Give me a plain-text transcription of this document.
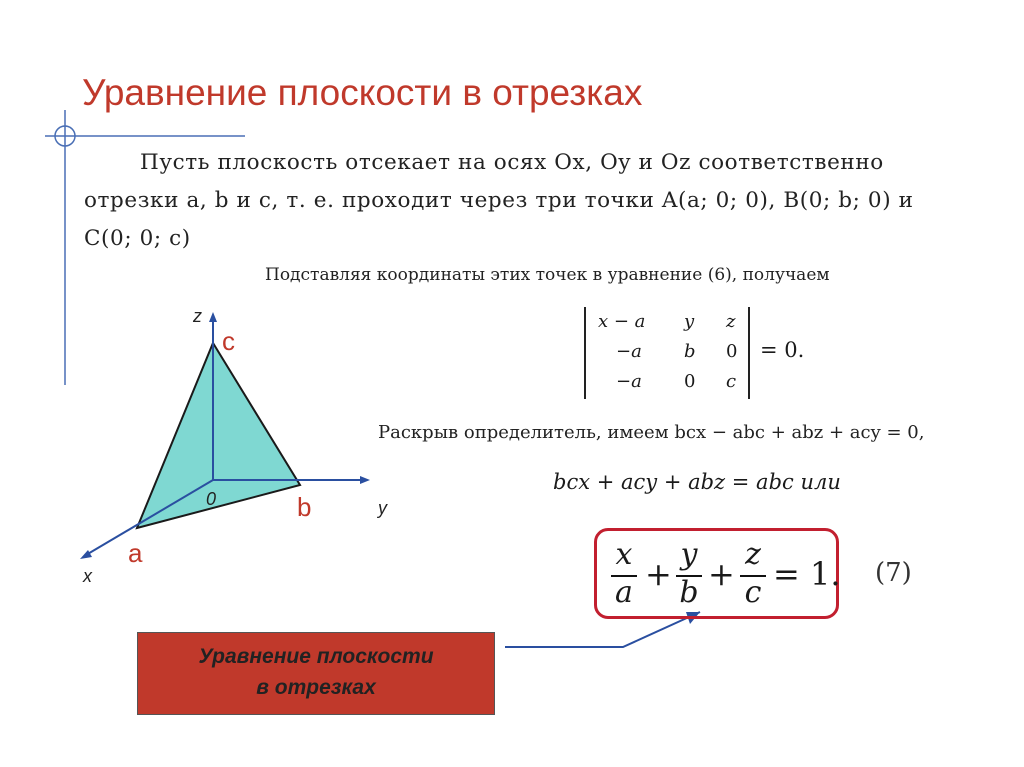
Уравнение плоскости в отрезках
Пусть плоскость отсекает на осях Ox, Oy и Oz соответственно
отрезки a, b и c, т. е. проходит через три точки A(a; 0; 0), B(0; b; 0) и
C(0; 0; c)
Подставляя координаты этих точек в уравнение (6), получаем
x − a y z
−a b 0
−a 0 c
= 0.
Раскрыв определитель, имеем bcx − abc + abz + acy = 0,
bcx + acy + abz = abc или
z
c
y
b
0
a
x
x
a +
y
b +
z
c = 1. (7)
Уравнение плоскости
в отрезках
